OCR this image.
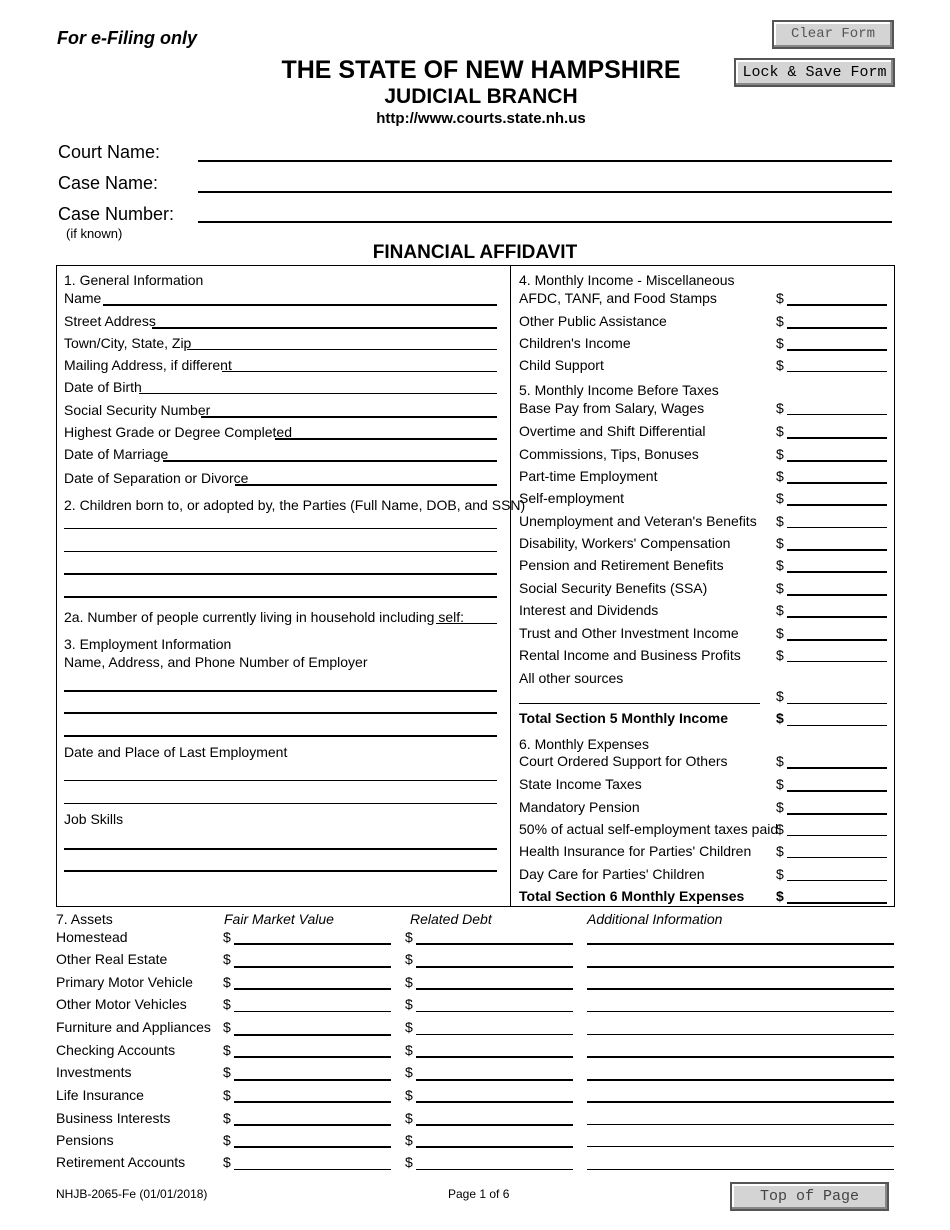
For e-Filing only	Clear Form
Lock & Save Form
THE STATE OF NEW HAMPSHIRE
JUDICIAL BRANCH
http://www.courts.state.nh.us
Court Name:
Case Name:
Case Number:
(if known)
FINANCIAL AFFIDAVIT
1. General Information
Name
Street Address
Town/City, State, Zip
Mailing Address, if different
Date of Birth
Social Security Number
Highest Grade or Degree Completed
Date of Marriage
Date of Separation or Divorce
2. Children born to, or adopted by, the Parties (Full Name, DOB, and SSN)
2a. Number of people currently living in household including self:
3. Employment Information
Name, Address, and Phone Number of Employer
Date and Place of Last Employment
Job Skills
4. Monthly Income - Miscellaneous
AFDC, TANF, and Food Stamps	$
Other Public Assistance	$
Children's Income	$
Child Support	$
5. Monthly Income Before Taxes
Base Pay from Salary, Wages	$
Overtime and Shift Differential	$
Commissions, Tips, Bonuses	$
Part-time Employment	$
Self-employment	$
Unemployment and Veteran's Benefits $
Disability, Workers' Compensation	$
Pension and Retirement Benefits	$
Social Security Benefits (SSA)	$
Interest and Dividends	$
Trust and Other Investment Income	$
Rental Income and Business Profits	$
All other sources
$
Total Section 5 Monthly Income	$
6. Monthly Expenses
Court Ordered Support for Others	$
State Income Taxes	$
Mandatory Pension	$
50% of actual self-employment taxes paid
$
Health Insurance for Parties' Children $
Day Care for Parties' Children	$
Total Section 6 Monthly Expenses $
7. Assets	Fair Market Value	Related Debt	Additional Information
Homestead	$	$
Other Real Estate	$	$
Primary Motor Vehicle $	$
Other Motor Vehicles	$	$
Furniture and Appliances $	$
Checking Accounts	$	$
Investments	$	$
Life Insurance	$	$
Business Interests	$	$
Pensions	$	$
Retirement Accounts	$	$
NHJB-2065-Fe (01/01/2018)	Page 1 of 6	Top of Page
